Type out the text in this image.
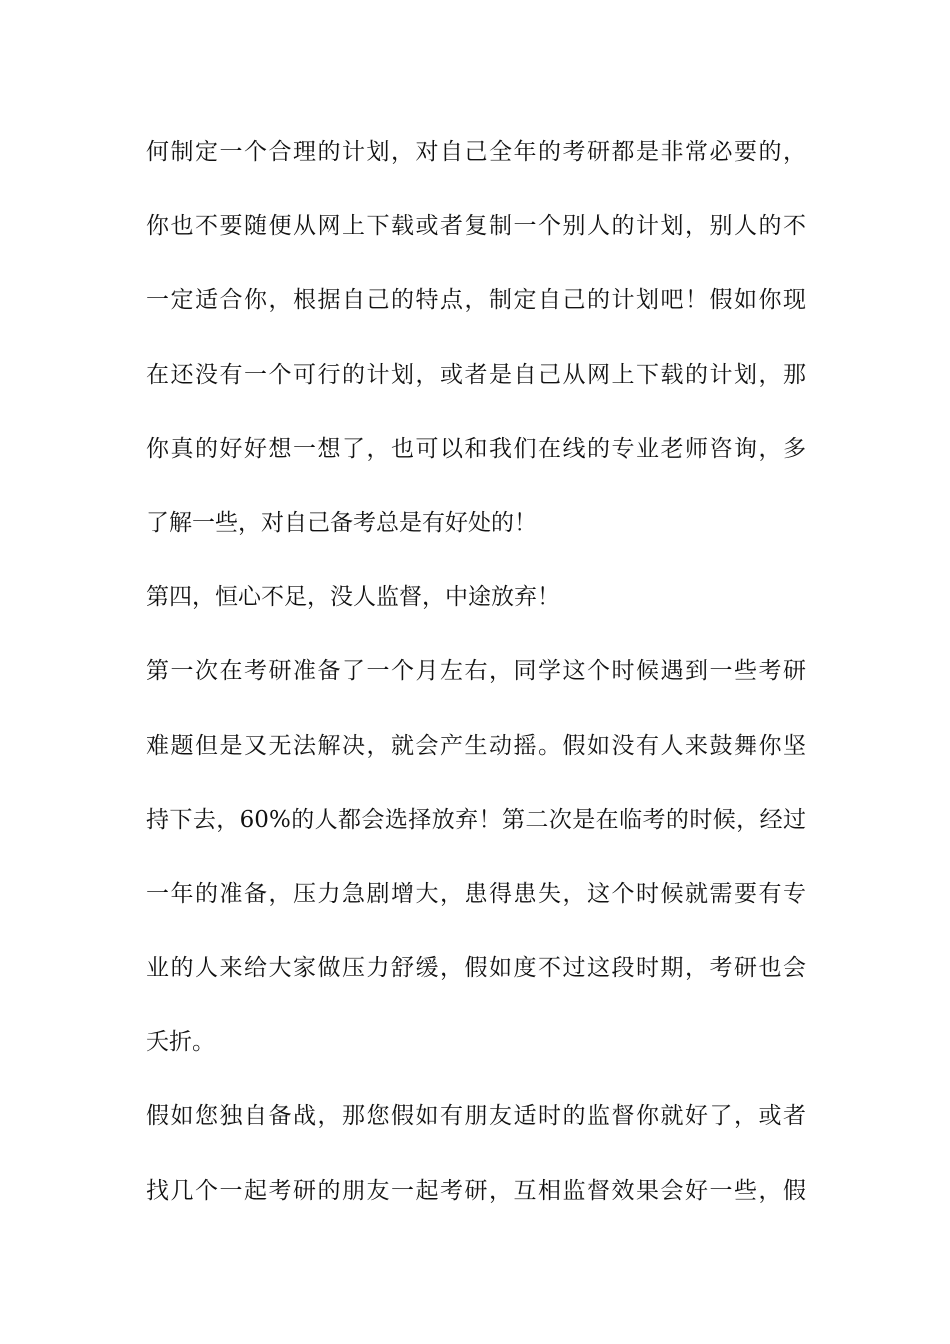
何制定一个合理的计划，对自己全年的考研都是非常必要的，
你也不要随便从网上下载或者复制一个别人的计划，别人的不
一定适合你，根据自己的特点，制定自己的计划吧！假如你现
在还没有一个可行的计划，或者是自己从网上下载的计划，那
你真的好好想一想了，也可以和我们在线的专业老师咨询，多
了解一些，对自己备考总是有好处的！
第四，恒心不足，没人监督，中途放弃！
第一次在考研准备了一个月左右，同学这个时候遇到一些考研
难题但是又无法解决，就会产生动摇。假如没有人来鼓舞你坚
持下去，60%的人都会选择放弃！第二次是在临考的时候，经过
一年的准备，压力急剧增大，患得患失，这个时候就需要有专
业的人来给大家做压力舒缓，假如度不过这段时期，考研也会
夭折。
假如您独自备战，那您假如有朋友适时的监督你就好了，或者
找几个一起考研的朋友一起考研，互相监督效果会好一些，假
